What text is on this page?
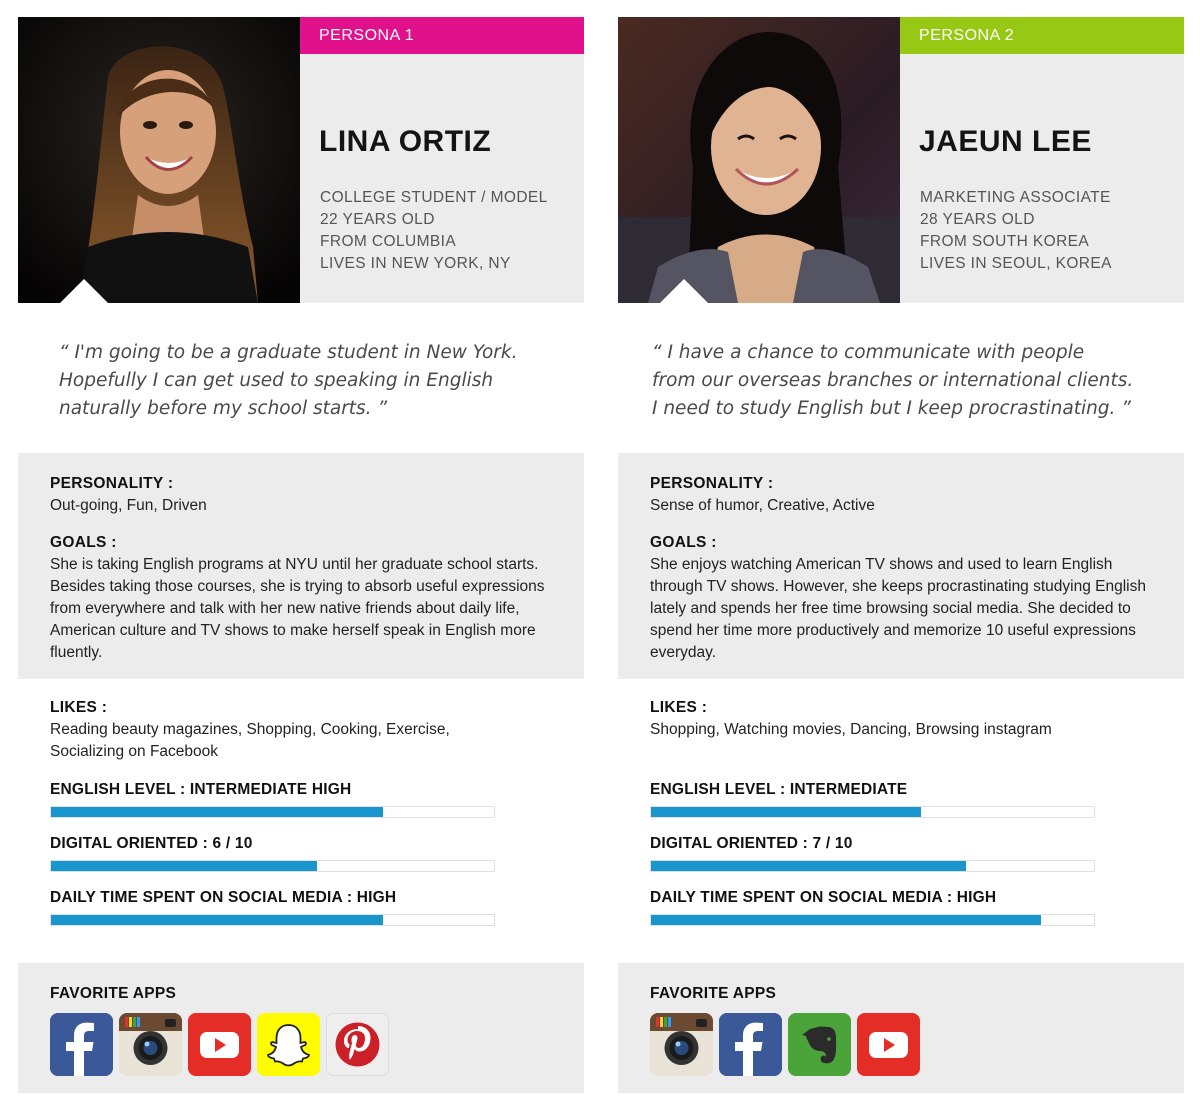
PERSONA 1
LINA ORTIZ
COLLEGE STUDENT / MODEL
22 YEARS OLD
FROM COLUMBIA
LIVES IN NEW YORK, NY

“ I'm going to be a graduate student in New York.
Hopefully I can get used to speaking in English
naturally before my school starts. ”

PERSONALITY :
Out-going, Fun, Driven
GOALS :
She is taking English programs at NYU until her graduate school starts. Besides taking those courses, she is trying to absorb useful expressions from everywhere and talk with her new native friends about daily life, American culture and TV shows to make herself speak in English more fluently.
LIKES :
Reading beauty magazines, Shopping, Cooking, Exercise, Socializing on Facebook
ENGLISH LEVEL : INTERMEDIATE HIGH
DIGITAL ORIENTED : 6 / 10
DAILY TIME SPENT ON SOCIAL MEDIA : HIGH
FAVORITE APPS
PERSONA 2
JAEUN LEE
MARKETING ASSOCIATE
28 YEARS OLD
FROM SOUTH KOREA
LIVES IN SEOUL, KOREA

“ I have a chance to communicate with people
from our overseas branches or international clients.
I need to study English but I keep procrastinating. ”

PERSONALITY :
Sense of humor, Creative, Active
GOALS :
She enjoys watching American TV shows and used to learn English through TV shows. However, she keeps procrastinating studying English lately and spends her free time browsing social media. She decided to spend her time more productively and memorize 10 useful expressions everyday.
LIKES :
Shopping, Watching movies, Dancing, Browsing instagram
ENGLISH LEVEL : INTERMEDIATE
DIGITAL ORIENTED : 7 / 10
DAILY TIME SPENT ON SOCIAL MEDIA : HIGH
FAVORITE APPS
